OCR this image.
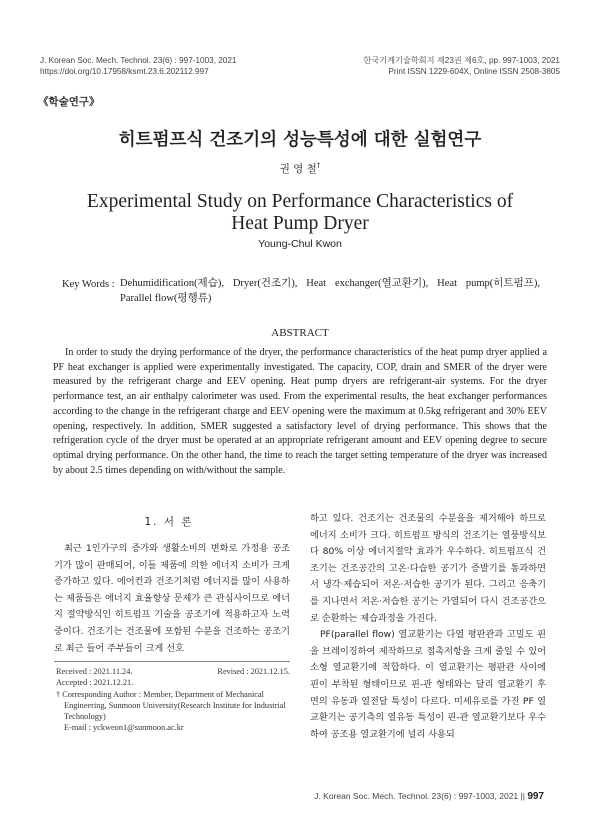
J. Korean Soc. Mech. Technol. 23(6) : 997-1003, 2021
https://doi.org/10.17958/ksmt.23.6.202112.997
한국기계기술학회지 제23권 제6호, pp. 997-1003, 2021
Print ISSN 1229-604X, Online ISSN 2508-3805
《학술연구》
히트펌프식 건조기의 성능특성에 대한 실험연구
권 영 철†
Experimental Study on Performance Characteristics of Heat Pump Dryer
Young-Chul Kwon
Key Words : Dehumidification(제습), Dryer(건조기), Heat exchanger(열교환기), Heat pump(히트펌프), Parallel flow(평행류)
ABSTRACT
In order to study the drying performance of the dryer, the performance characteristics of the heat pump dryer applied a PF heat exchanger is applied were experimentally investigated. The capacity, COP, drain and SMER of the dryer were measured by the refrigerant charge and EEV opening. Heat pump dryers are refrigerant-air systems. For the dryer performance test, an air enthalpy calorimeter was used. From the experimental results, the heat exchanger performances according to the change in the refrigerant charge and EEV opening were the maximum at 0.5kg refrigerant and 30% EEV opening, respectively. In addition, SMER suggested a satisfactory level of drying performance. This shows that the refrigeration cycle of the dryer must be operated at an appropriate refrigerant amount and EEV opening degree to secure optimal drying performance. On the other hand, the time to reach the target setting temperature of the dryer was increased by about 2.5 times depending on with/without the sample.
1. 서 론

최근 1인가구의 증가와 생활소비의 변화로 가정용 공조기가 많이 판매되어, 이들 제품에 의한 에너지 소비가 크게 증가하고 있다. 에어컨과 건조기처럼 에너지를 많이 사용하는 제품들은 에너지 효율향상 문제가 큰 관심사이므로 에너지 절약방식인 히트펌프 기술을 공조기에 적용하고자 노력 중이다. 건조기는 건조물에 포함된 수분을 건조하는 공조기로 최근 들어 주부들이 크게 선호

Received : 2021.11.24.	Revised : 2021.12.15.
Accepted : 2021.12.21.
† Corresponding Author : Member, Department of Mechanical Engineering, Sunmoon University(Research Institute for Industrial Technology)
E-mail : yckweon1@sunmoon.ac.kr

하고 있다. 건조기는 건조물의 수분을을 제거해야 하므로 에너지 소비가 크다. 히트펌프 방식의 건조기는 열풍방식보다 80% 이상 에너지절약 효과가 우수하다. 히트펌프식 건조기는 건조공간의 고온·다습한 공기가 증발기를 통과하면서 냉각·제습되어 저온·저습한 공기가 된다. 그리고 응축기를 지나면서 저온·저습한 공기는 가열되어 다시 건조공간으로 순환하는 제습과정을 가진다.

PF(parallel flow) 열교환기는 다열 평판관과 고밀도 핀을 브레이징하여 제작하므로 접촉저항을 크게 줄일 수 있어 소형 열교환기에 적합하다. 이 열교환기는 평판관 사이에 핀이 부착된 형태이므로 핀-관 형태와는 달리 열교환기 후면의 유동과 열전달 특성이 다르다. 미세유로를 가진 PF 열교환기는 공기측의 열유동 특성이 핀-관 열교환기보다 우수하여 공조용 열교환기에 널리 사용되

J. Korean Soc. Mech. Technol. 23(6) : 997-1003, 2021 || 997
